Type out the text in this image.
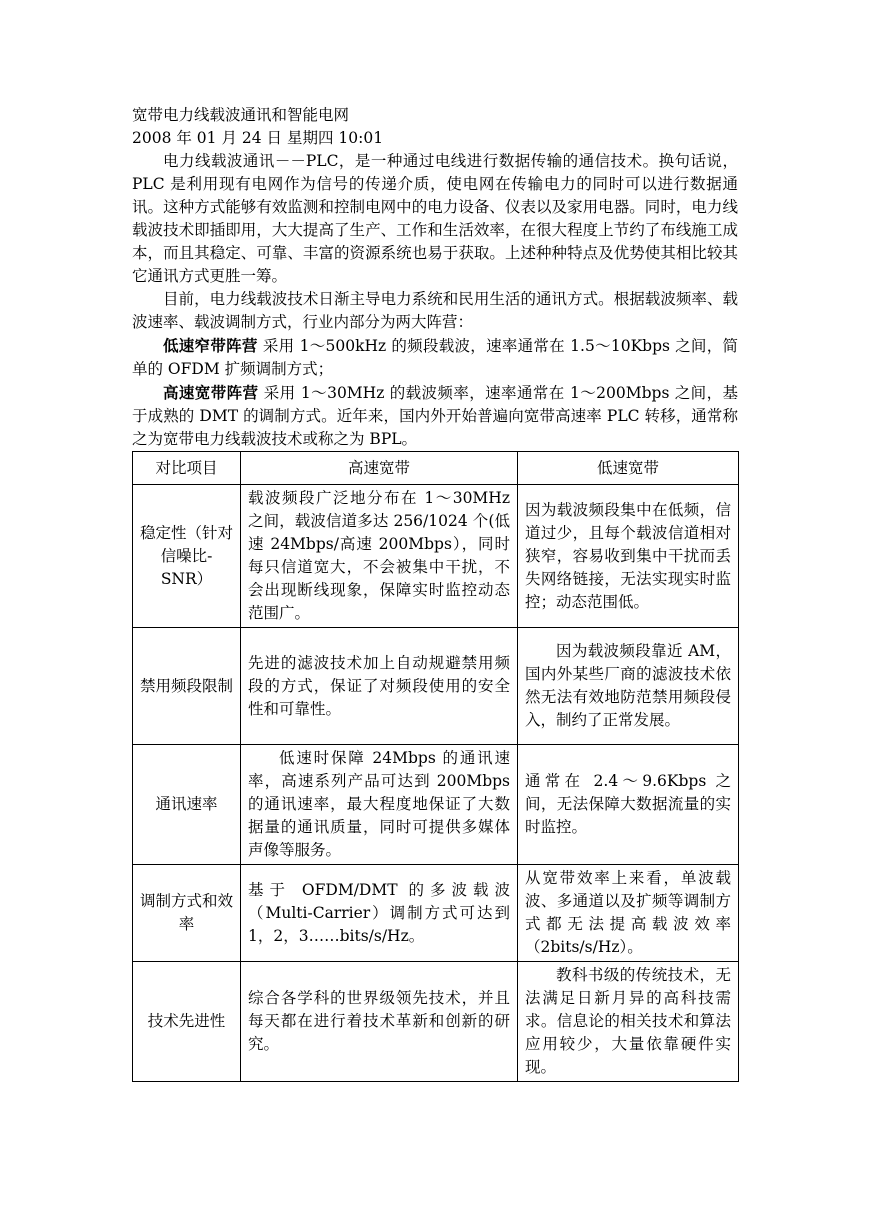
宽带电力线载波通讯和智能电网
2008 年 01 月 24 日 星期四 10:01

电力线载波通讯－－PLC，是一种通过电线进行数据传输的通信技术。换句话说，PLC 是利用现有电网作为信号的传递介质，使电网在传输电力的同时可以进行数据通讯。这种方式能够有效监测和控制电网中的电力设备、仪表以及家用电器。同时，电力线载波技术即插即用，大大提高了生产、工作和生活效率，在很大程度上节约了布线施工成本，而且其稳定、可靠、丰富的资源系统也易于获取。上述种种特点及优势使其相比较其它通讯方式更胜一筹。

目前，电力线载波技术日渐主导电力系统和民用生活的通讯方式。根据载波频率、载波速率、载波调制方式，行业内部分为两大阵营：

低速窄带阵营 采用 1～500kHz 的频段载波，速率通常在 1.5～10Kbps 之间，简单的 OFDM 扩频调制方式；

高速宽带阵营 采用 1～30MHz 的载波频率，速率通常在 1～200Mbps 之间，基于成熟的 DMT 的调制方式。近年来，国内外开始普遍向宽带高速率 PLC 转移，通常称之为宽带电力线载波技术或称之为 BPL。

对比项目	高速宽带	低速宽带
稳定性（针对信噪比-SNR）	载波频段广泛地分布在 1～30MHz 之间，载波信道多达 256/1024 个(低速 24Mbps/高速 200Mbps），同时每只信道宽大，不会被集中干扰，不会出现断线现象，保障实时监控动态范围广。	因为载波频段集中在低频，信道过少，且每个载波信道相对狭窄，容易收到集中干扰而丢失网络链接，无法实现实时监控；动态范围低。
禁用频段限制	先进的滤波技术加上自动规避禁用频段的方式，保证了对频段使用的安全性和可靠性。	因为载波频段靠近 AM，国内外某些厂商的滤波技术依然无法有效地防范禁用频段侵入，制约了正常发展。
通讯速率	低速时保障 24Mbps 的通讯速率，高速系列产品可达到 200Mbps 的通讯速率，最大程度地保证了大数据量的通讯质量，同时可提供多媒体声像等服务。	通常在 2.4～9.6Kbps 之间，无法保障大数据流量的实时监控。
调制方式和效率	基于 OFDM/DMT 的多波载波（Multi-Carrier）调制方式可达到 1，2，3……bits/s/Hz。	从宽带效率上来看，单波载波、多通道以及扩频等调制方式都无法提高载波效率（2bits/s/Hz）。
技术先进性	综合各学科的世界级领先技术，并且每天都在进行着技术革新和创新的研究。	教科书级的传统技术，无法满足日新月异的高科技需求。信息论的相关技术和算法应用较少，大量依靠硬件实现。
